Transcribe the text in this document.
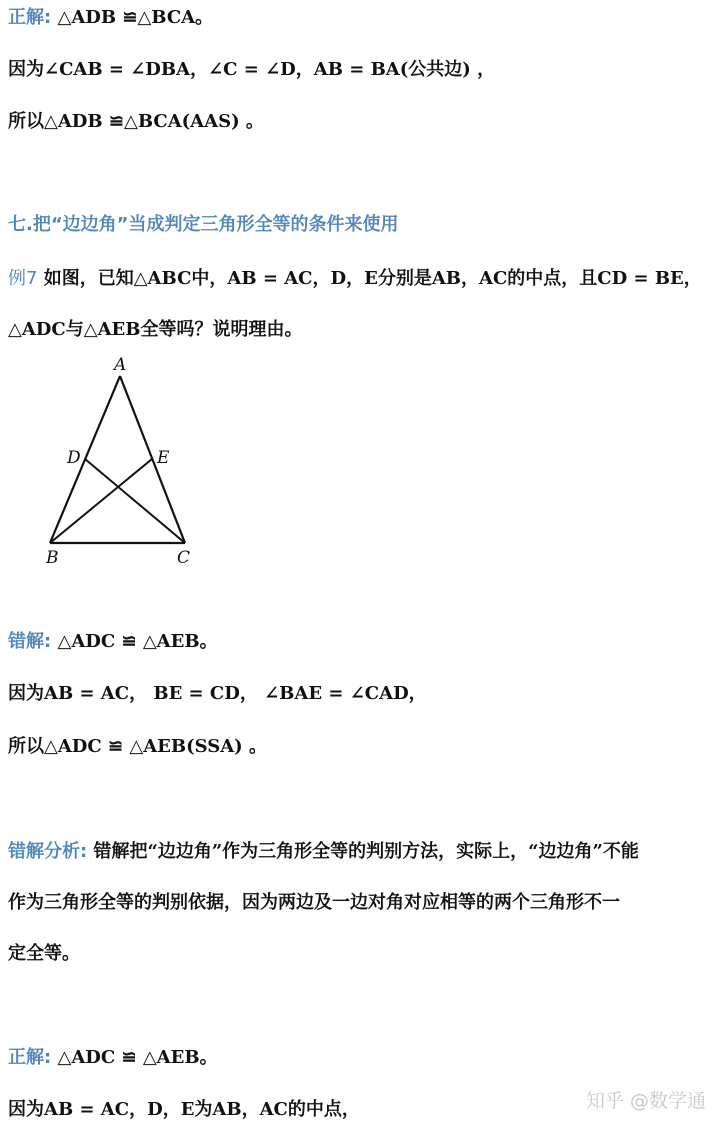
正解: △ADB ≌△BCA。
因为∠CAB = ∠DBA，∠C = ∠D，AB = BA(公共边) ，
所以△ADB ≌△BCA(AAS) 。
七.把“边边角”当成判定三角形全等的条件来使用
例7 如图，已知△ABC中，AB = AC，D，E分别是AB，AC的中点，且CD = BE，
△ADC与△AEB全等吗？说明理由。
A
D	E
B	C
错解: △ADC ≌ △AEB。
因为AB = AC， BE = CD， ∠BAE = ∠CAD，
所以△ADC ≌ △AEB(SSA) 。
错解分析: 错解把“边边角”作为三角形全等的判别方法，实际上，“边边角”不能
作为三角形全等的判别依据，因为两边及一边对角对应相等的两个三角形不一
定全等。
正解: △ADC ≌ △AEB。
因为AB = AC，D，E为AB，AC的中点，	知乎 @数学通
